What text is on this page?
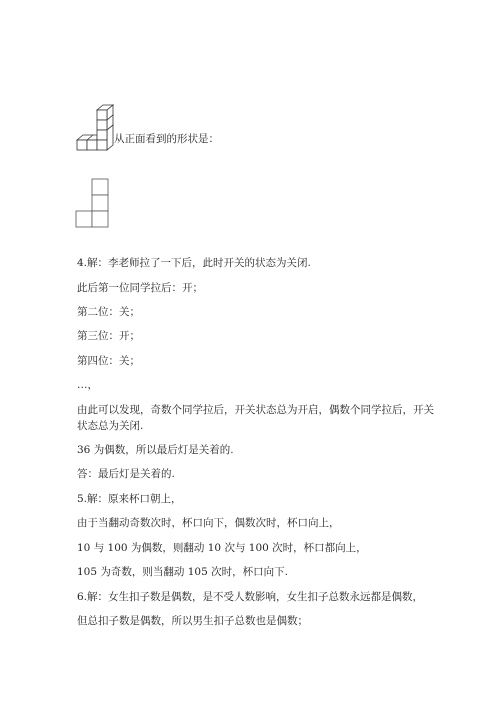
从正面看到的形状是：
4.解：李老师拉了一下后，此时开关的状态为关闭.
此后第一位同学拉后：开；
第二位：关；
第三位：开；
第四位：关；
…，
由此可以发现，奇数个同学拉后，开关状态总为开启，偶数个同学拉后，开关
状态总为关闭.
36 为偶数，所以最后灯是关着的.
答：最后灯是关着的.
5.解：原来杯口朝上，
由于当翻动奇数次时，杯口向下，偶数次时，杯口向上，
10 与 100 为偶数，则翻动 10 次与 100 次时，杯口都向上，
105 为奇数，则当翻动 105 次时，杯口向下.
6.解：女生扣子数是偶数，是不受人数影响，女生扣子总数永远都是偶数，
但总扣子数是偶数，所以男生扣子总数也是偶数；
